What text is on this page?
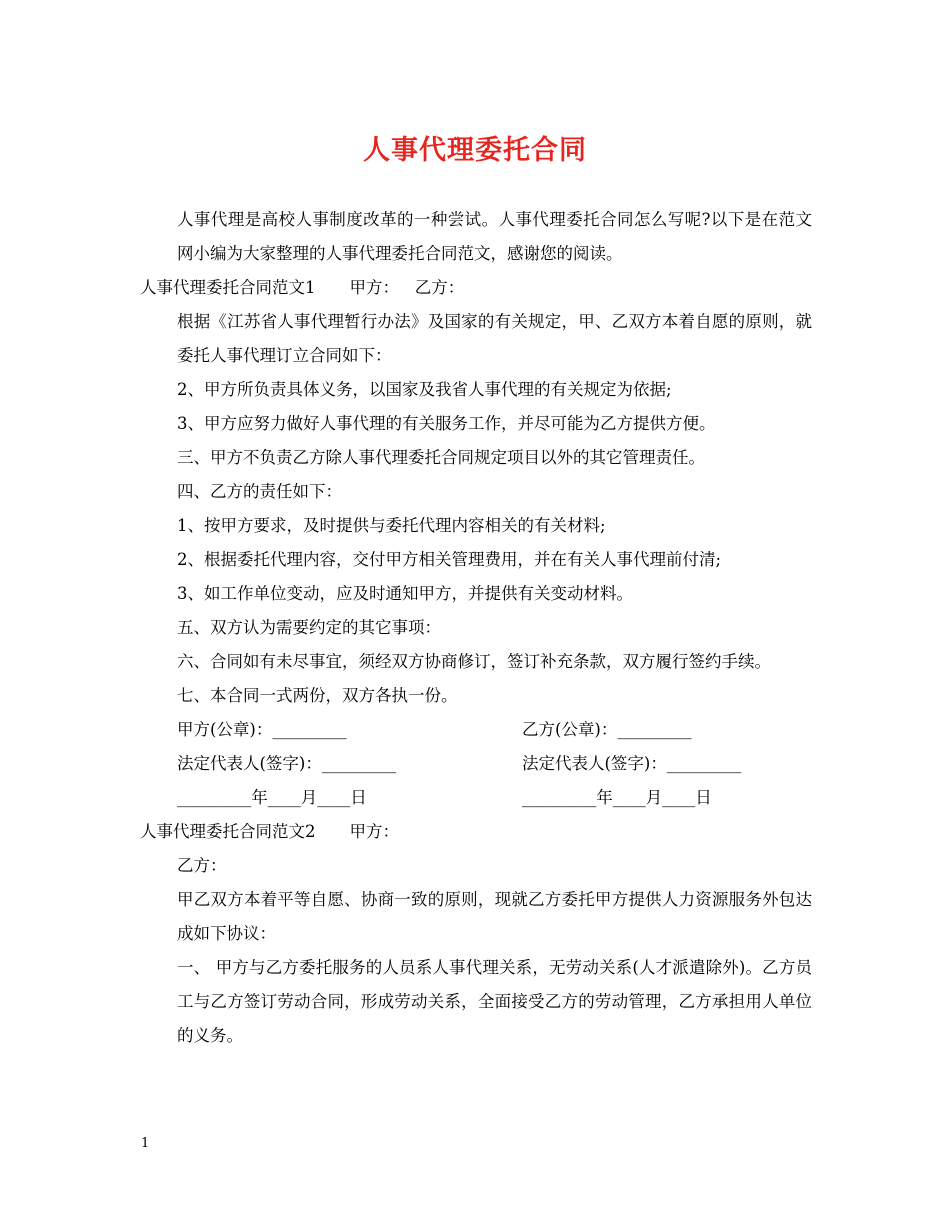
人事代理委托合同

人事代理是高校人事制度改革的一种尝试。人事代理委托合同怎么写呢?以下是在范文网小编为大家整理的人事代理委托合同范文，感谢您的阅读。

人事代理委托合同范文1 甲方： 乙方：

根据《江苏省人事代理暂行办法》及国家的有关规定，甲、乙双方本着自愿的原则，就委托人事代理订立合同如下：

2、甲方所负责具体义务，以国家及我省人事代理的有关规定为依据;

3、甲方应努力做好人事代理的有关服务工作，并尽可能为乙方提供方便。

三、甲方不负责乙方除人事代理委托合同规定项目以外的其它管理责任。

四、乙方的责任如下：

1、按甲方要求，及时提供与委托代理内容相关的有关材料;

2、根据委托代理内容，交付甲方相关管理费用，并在有关人事代理前付清;

3、如工作单位变动，应及时通知甲方，并提供有关变动材料。

五、双方认为需要约定的其它事项：

六、合同如有未尽事宜，须经双方协商修订，签订补充条款，双方履行签约手续。

七、本合同一式两份，双方各执一份。

甲方(公章)：_________	乙方(公章)：_________
法定代表人(签字)：_________	法定代表人(签字)：_________
_________年____月____日	_________年____月____日

人事代理委托合同范文2 甲方：

乙方：

甲乙双方本着平等自愿、协商一致的原则，现就乙方委托甲方提供人力资源服务外包达成如下协议：

一、 甲方与乙方委托服务的人员系人事代理关系，无劳动关系(人才派遣除外)。乙方员工与乙方签订劳动合同，形成劳动关系，全面接受乙方的劳动管理，乙方承担用人单位的义务。

1
